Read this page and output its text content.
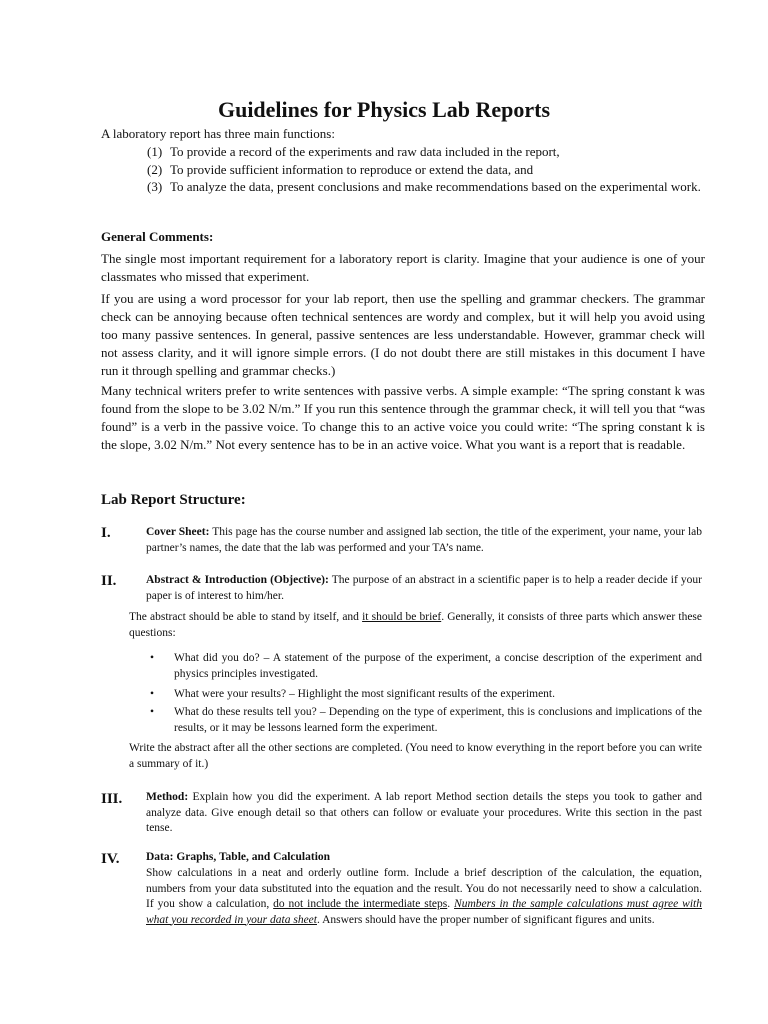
Guidelines for Physics Lab Reports

A laboratory report has three main functions:

(1) To provide a record of the experiments and raw data included in the report,
(2) To provide sufficient information to reproduce or extend the data, and
(3) To analyze the data, present conclusions and make recommendations based on the experimental work.
General Comments:

The single most important requirement for a laboratory report is clarity. Imagine that your audience is one of your classmates who missed that experiment.

If you are using a word processor for your lab report, then use the spelling and grammar checkers. The grammar check can be annoying because often technical sentences are wordy and complex, but it will help you avoid using too many passive sentences. In general, passive sentences are less understandable. However, grammar check will not assess clarity, and it will ignore simple errors. (I do not doubt there are still mistakes in this document I have run it through spelling and grammar checks.)

Many technical writers prefer to write sentences with passive verbs. A simple example: “The spring constant k was found from the slope to be 3.02 N/m.” If you run this sentence through the grammar check, it will tell you that “was found” is a verb in the passive voice. To change this to an active voice you could write: “The spring constant k is the slope, 3.02 N/m.” Not every sentence has to be in an active voice. What you want is a report that is readable.

Lab Report Structure:
I.	Cover Sheet: This page has the course number and assigned lab section, the title of the experiment, your name, your lab partner’s names, the date that the lab was performed and your TA’s name.

II.	Abstract & Introduction (Objective): The purpose of an abstract in a scientific paper is to help a reader decide if your paper is of interest to him/her.

The abstract should be able to stand by itself, and it should be brief. Generally, it consists of three parts which answer these questions:

•	What did you do? – A statement of the purpose of the experiment, a concise description of the experiment and physics principles investigated.

•	What were your results? – Highlight the most significant results of the experiment.

•	What do these results tell you? – Depending on the type of experiment, this is conclusions and implications of the results, or it may be lessons learned form the experiment.

Write the abstract after all the other sections are completed. (You need to know everything in the report before you can write a summary of it.)

III. Method: Explain how you did the experiment. A lab report Method section details the steps you took to gather and analyze data. Give enough detail so that others can follow or evaluate your procedures. Write this section in the past tense.

IV. Data: Graphs, Table, and Calculation

Show calculations in a neat and orderly outline form. Include a brief description of the calculation, the equation, numbers from your data substituted into the equation and the result. You do not necessarily need to show a calculation. If you show a calculation, do not include the intermediate steps. Numbers in the sample calculations must agree with what you recorded in your data sheet. Answers should have the proper number of significant figures and units.
